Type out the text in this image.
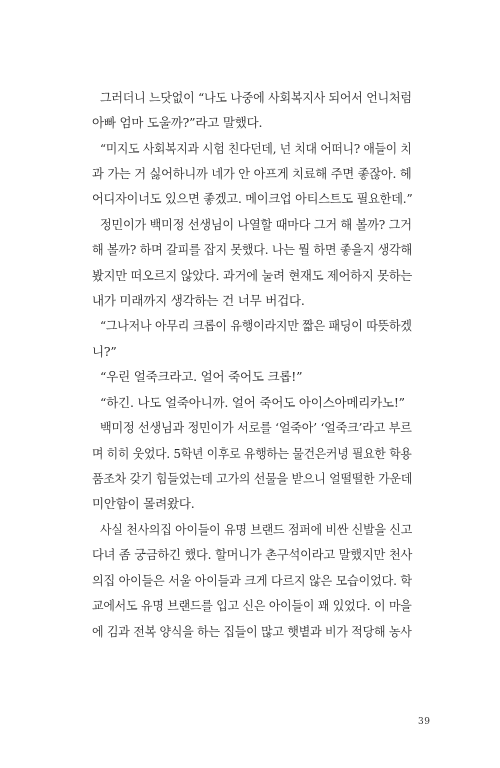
그러더니 느닷없이 “나도 나중에 사회복지사 되어서 언니처럼
아빠 엄마 도울까?”라고 말했다.
“미지도 사회복지과 시험 친다던데, 넌 치대 어떠니? 애들이 치
과 가는 거 싫어하니까 네가 안 아프게 치료해 주면 좋잖아. 헤
어디자이너도 있으면 좋겠고. 메이크업 아티스트도 필요한데.”
정민이가 백미정 선생님이 나열할 때마다 그거 해 볼까? 그거
해 볼까? 하며 갈피를 잡지 못했다. 나는 뭘 하면 좋을지 생각해
봤지만 떠오르지 않았다. 과거에 눌려 현재도 제어하지 못하는
내가 미래까지 생각하는 건 너무 버겁다.
“그나저나 아무리 크롭이 유행이라지만 짧은 패딩이 따뜻하겠
니?”
“우린 얼죽크라고. 얼어 죽어도 크롭!”
“하긴. 나도 얼죽아니까. 얼어 죽어도 아이스아메리카노!”
백미정 선생님과 정민이가 서로를 ‘얼죽아’ ‘얼죽크’라고 부르
며 히히 웃었다. 5학년 이후로 유행하는 물건은커녕 필요한 학용
품조차 갖기 힘들었는데 고가의 선물을 받으니 얼떨떨한 가운데
미안함이 몰려왔다.
사실 천사의집 아이들이 유명 브랜드 점퍼에 비싼 신발을 신고
다녀 좀 궁금하긴 했다. 할머니가 촌구석이라고 말했지만 천사
의집 아이들은 서울 아이들과 크게 다르지 않은 모습이었다. 학
교에서도 유명 브랜드를 입고 신은 아이들이 꽤 있었다. 이 마을
에 김과 전복 양식을 하는 집들이 많고 햇볕과 비가 적당해 농사
39
